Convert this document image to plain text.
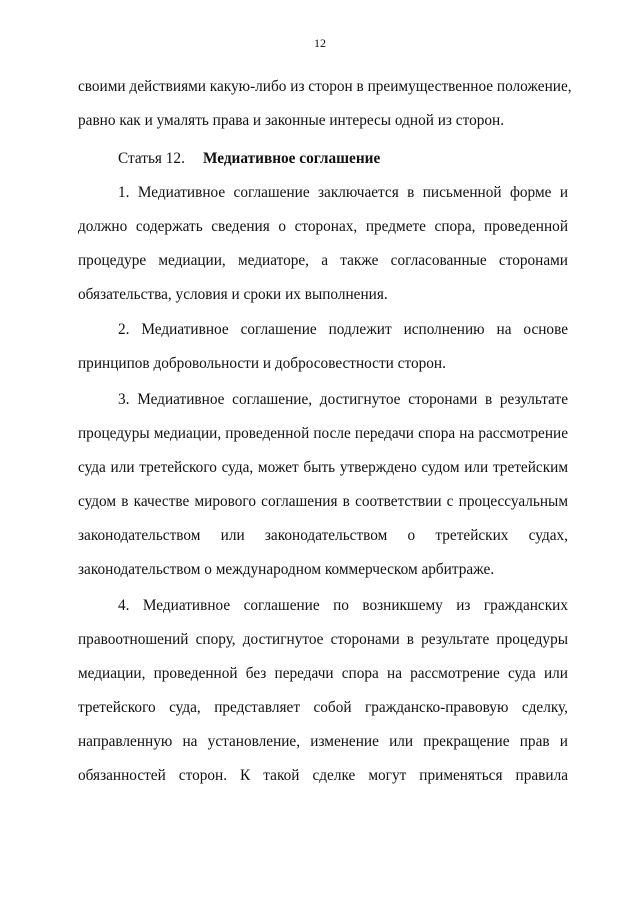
12
своими действиями какую-либо из сторон в преимущественное положение,
равно как и умалять права и законные интересы одной из сторон.
Статья 12. Медиативное соглашение
1. Медиативное соглашение заключается в письменной форме и
должно содержать сведения о сторонах, предмете спора, проведенной
процедуре медиации, медиаторе, а также согласованные сторонами
обязательства, условия и сроки их выполнения.
2. Медиативное соглашение подлежит исполнению на основе
принципов добровольности и добросовестности сторон.
3. Медиативное соглашение, достигнутое сторонами в результате
процедуры медиации, проведенной после передачи спора на рассмотрение
суда или третейского суда, может быть утверждено судом или третейским
судом в качестве мирового соглашения в соответствии с процессуальным
законодательством или законодательством о третейских судах,
законодательством о международном коммерческом арбитраже.
4. Медиативное соглашение по возникшему из гражданских
правоотношений спору, достигнутое сторонами в результате процедуры
медиации, проведенной без передачи спора на рассмотрение суда или
третейского суда, представляет собой гражданско-правовую сделку,
направленную на установление, изменение или прекращение прав и
обязанностей сторон. К такой сделке могут применяться правила
